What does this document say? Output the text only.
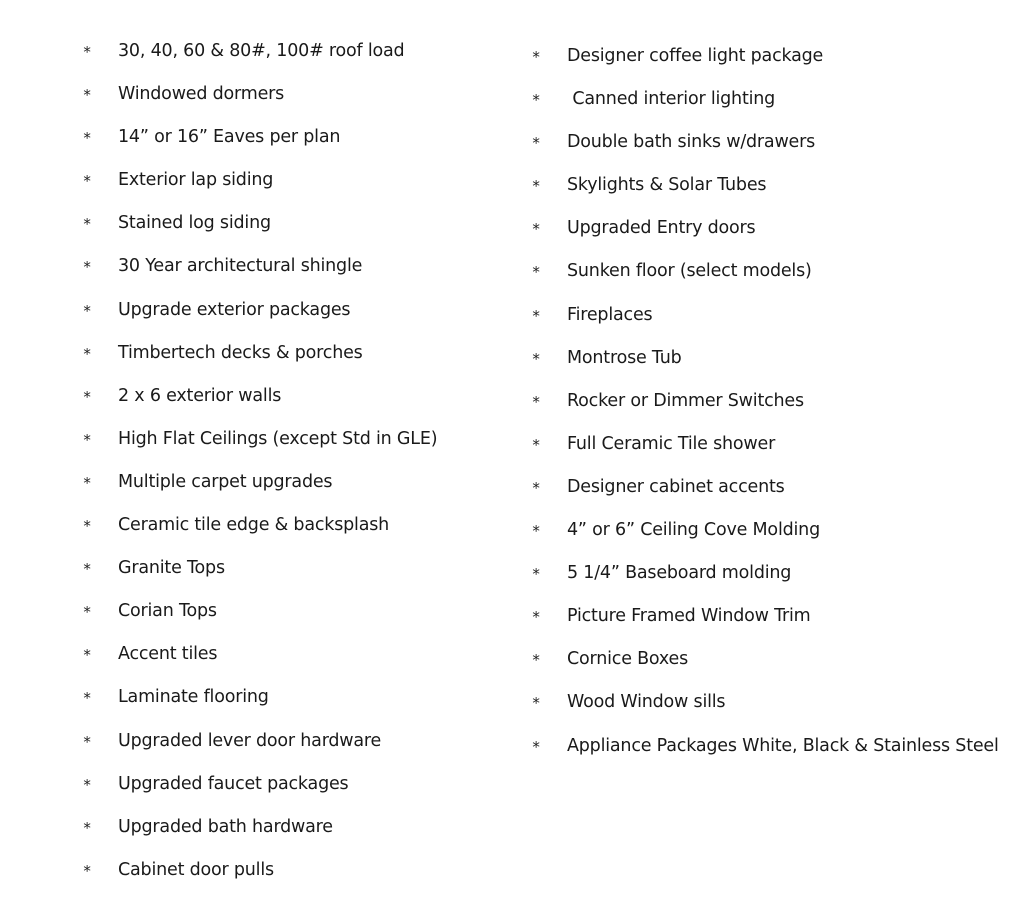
* 30, 40, 60 & 80#, 100# roof load
* Windowed dormers
* 14” or 16” Eaves per plan
* Exterior lap siding
* Stained log siding
* 30 Year architectural shingle
* Upgrade exterior packages
* Timbertech decks & porches
* 2 x 6 exterior walls
* High Flat Ceilings (except Std in GLE)
* Multiple carpet upgrades
* Ceramic tile edge & backsplash
* Granite Tops
* Corian Tops
* Accent tiles
* Laminate flooring
* Upgraded lever door hardware
* Upgraded faucet packages
* Upgraded bath hardware
* Cabinet door pulls
* Designer coffee light package
* Canned interior lighting
* Double bath sinks w/drawers
* Skylights & Solar Tubes
* Upgraded Entry doors
* Sunken floor (select models)
* Fireplaces
* Montrose Tub
* Rocker or Dimmer Switches
* Full Ceramic Tile shower
* Designer cabinet accents
* 4” or 6” Ceiling Cove Molding
* 5 1/4” Baseboard molding
* Picture Framed Window Trim
* Cornice Boxes
* Wood Window sills
* Appliance Packages White, Black & Stainless Steel
